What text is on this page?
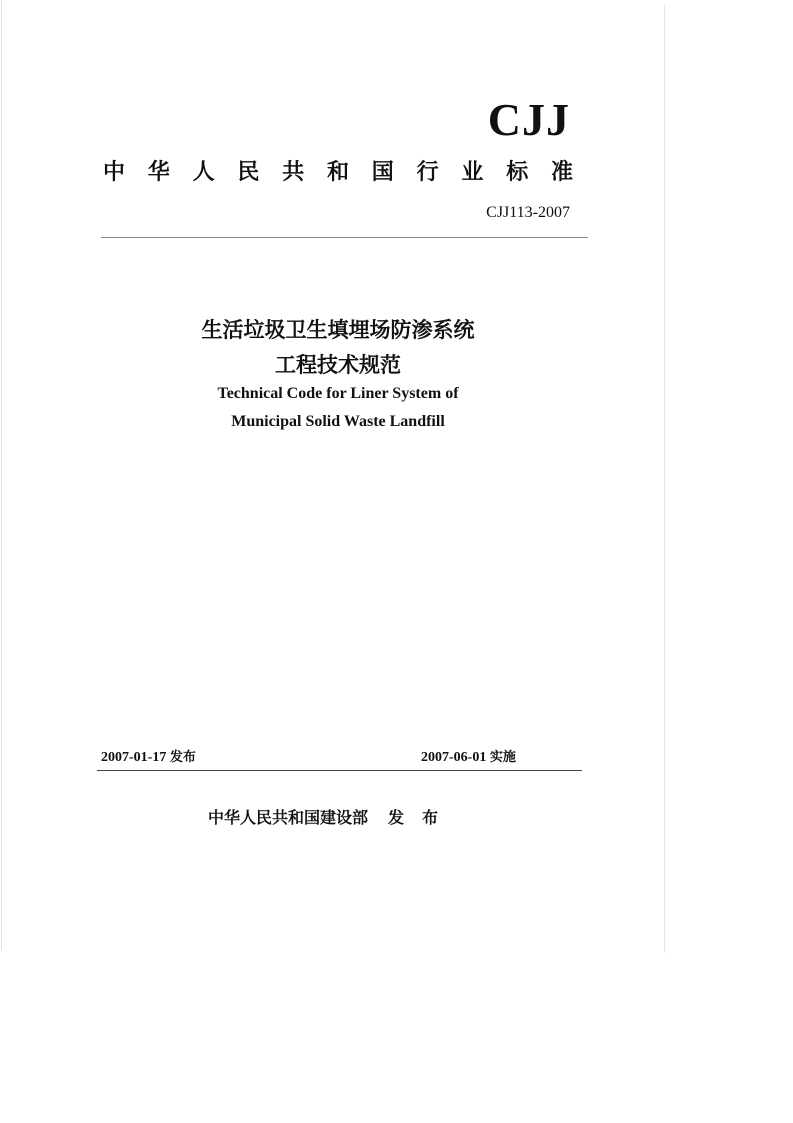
CJJ
中 华 人 民 共 和 国 行 业 标 准
CJJ113-2007
生活垃圾卫生填埋场防渗系统
工程技术规范
Technical Code for Liner System of
Municipal Solid Waste Landfill
2007-01-17 发布	2007-06-01 实施
中华人民共和国建设部 发布
